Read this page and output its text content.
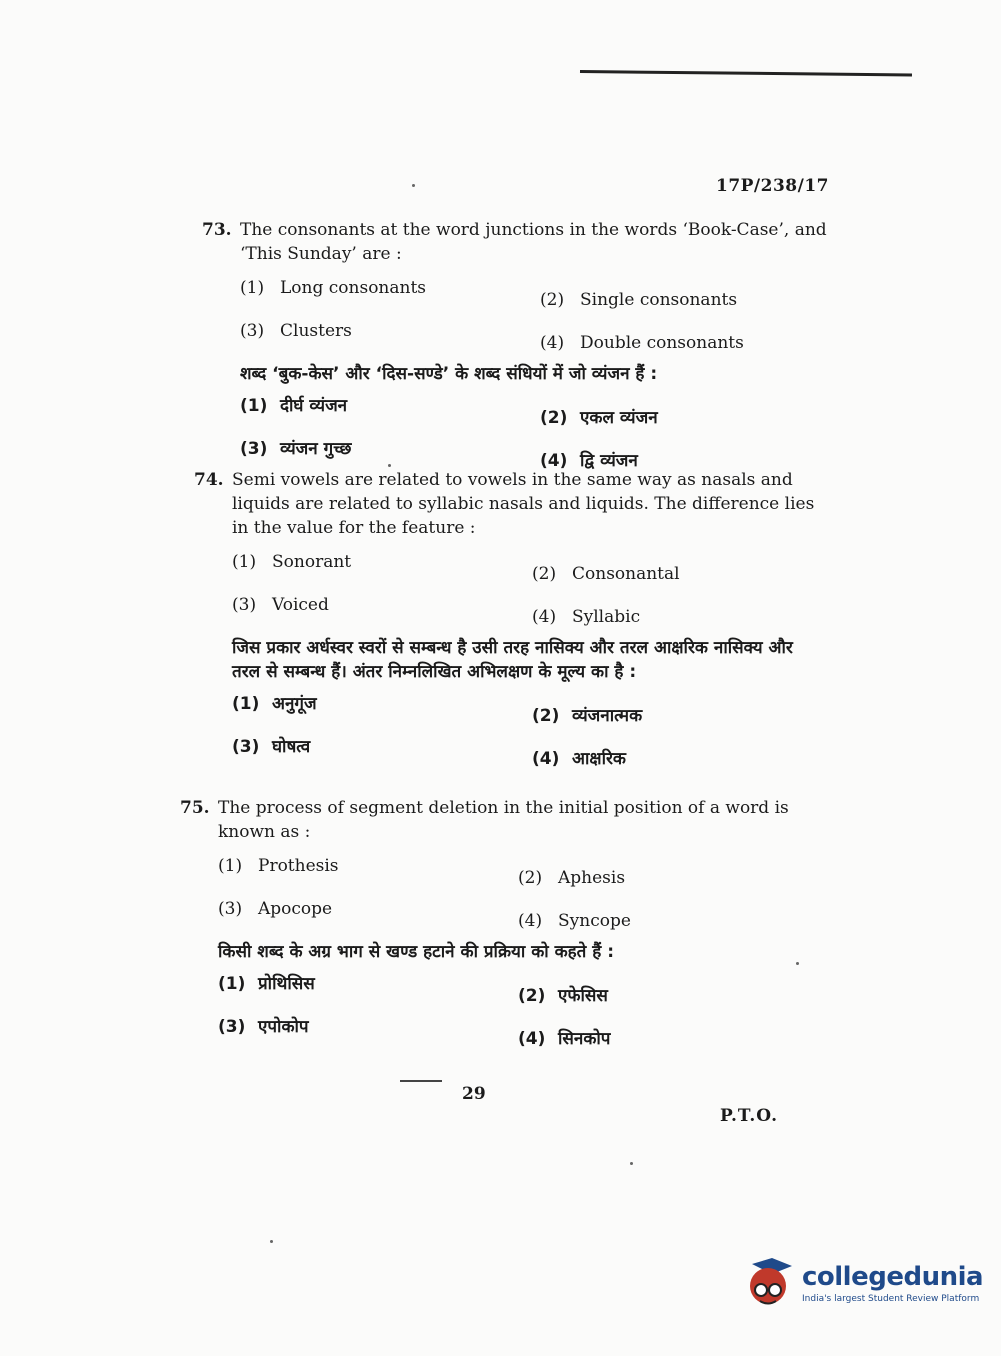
17P/238/17
73. The consonants at the word junctions in the words ‘Book-Case’, and ‘This Sunday’ are :

(1) Long consonants
(2) Single consonants
(3) Clusters
(4) Double consonants

शब्द ‘बुक-केस’ और ‘दिस-सण्डे’ के शब्द संधियों में जो व्यंजन हैं :

(1) दीर्घ व्यंजन
(2) एकल व्यंजन
(3) व्यंजन गुच्छ
(4) द्वि व्यंजन
74. Semi vowels are related to vowels in the same way as nasals and liquids are related to syllabic nasals and liquids. The difference lies in the value for the feature :

(1) Sonorant
(2) Consonantal
(3) Voiced
(4) Syllabic

जिस प्रकार अर्धस्वर स्वरों से सम्बन्ध है उसी तरह नासिक्य और तरल आक्षरिक नासिक्य और तरल से सम्बन्ध हैं। अंतर निम्नलिखित अभिलक्षण के मूल्य का है :

(1) अनुगूंज
(2) व्यंजनात्मक
(3) घोषत्व
(4) आक्षरिक
75. The process of segment deletion in the initial position of a word is known as :

(1) Prothesis
(2) Aphesis
(3) Apocope
(4) Syncope

किसी शब्द के अग्र भाग से खण्ड हटाने की प्रक्रिया को कहते हैं :

(1) प्रोथिसिस
(2) एफेसिस
(3) एपोकोप
(4) सिनकोप
29
P.T.O.
collegedunia
India's largest Student Review Platform
